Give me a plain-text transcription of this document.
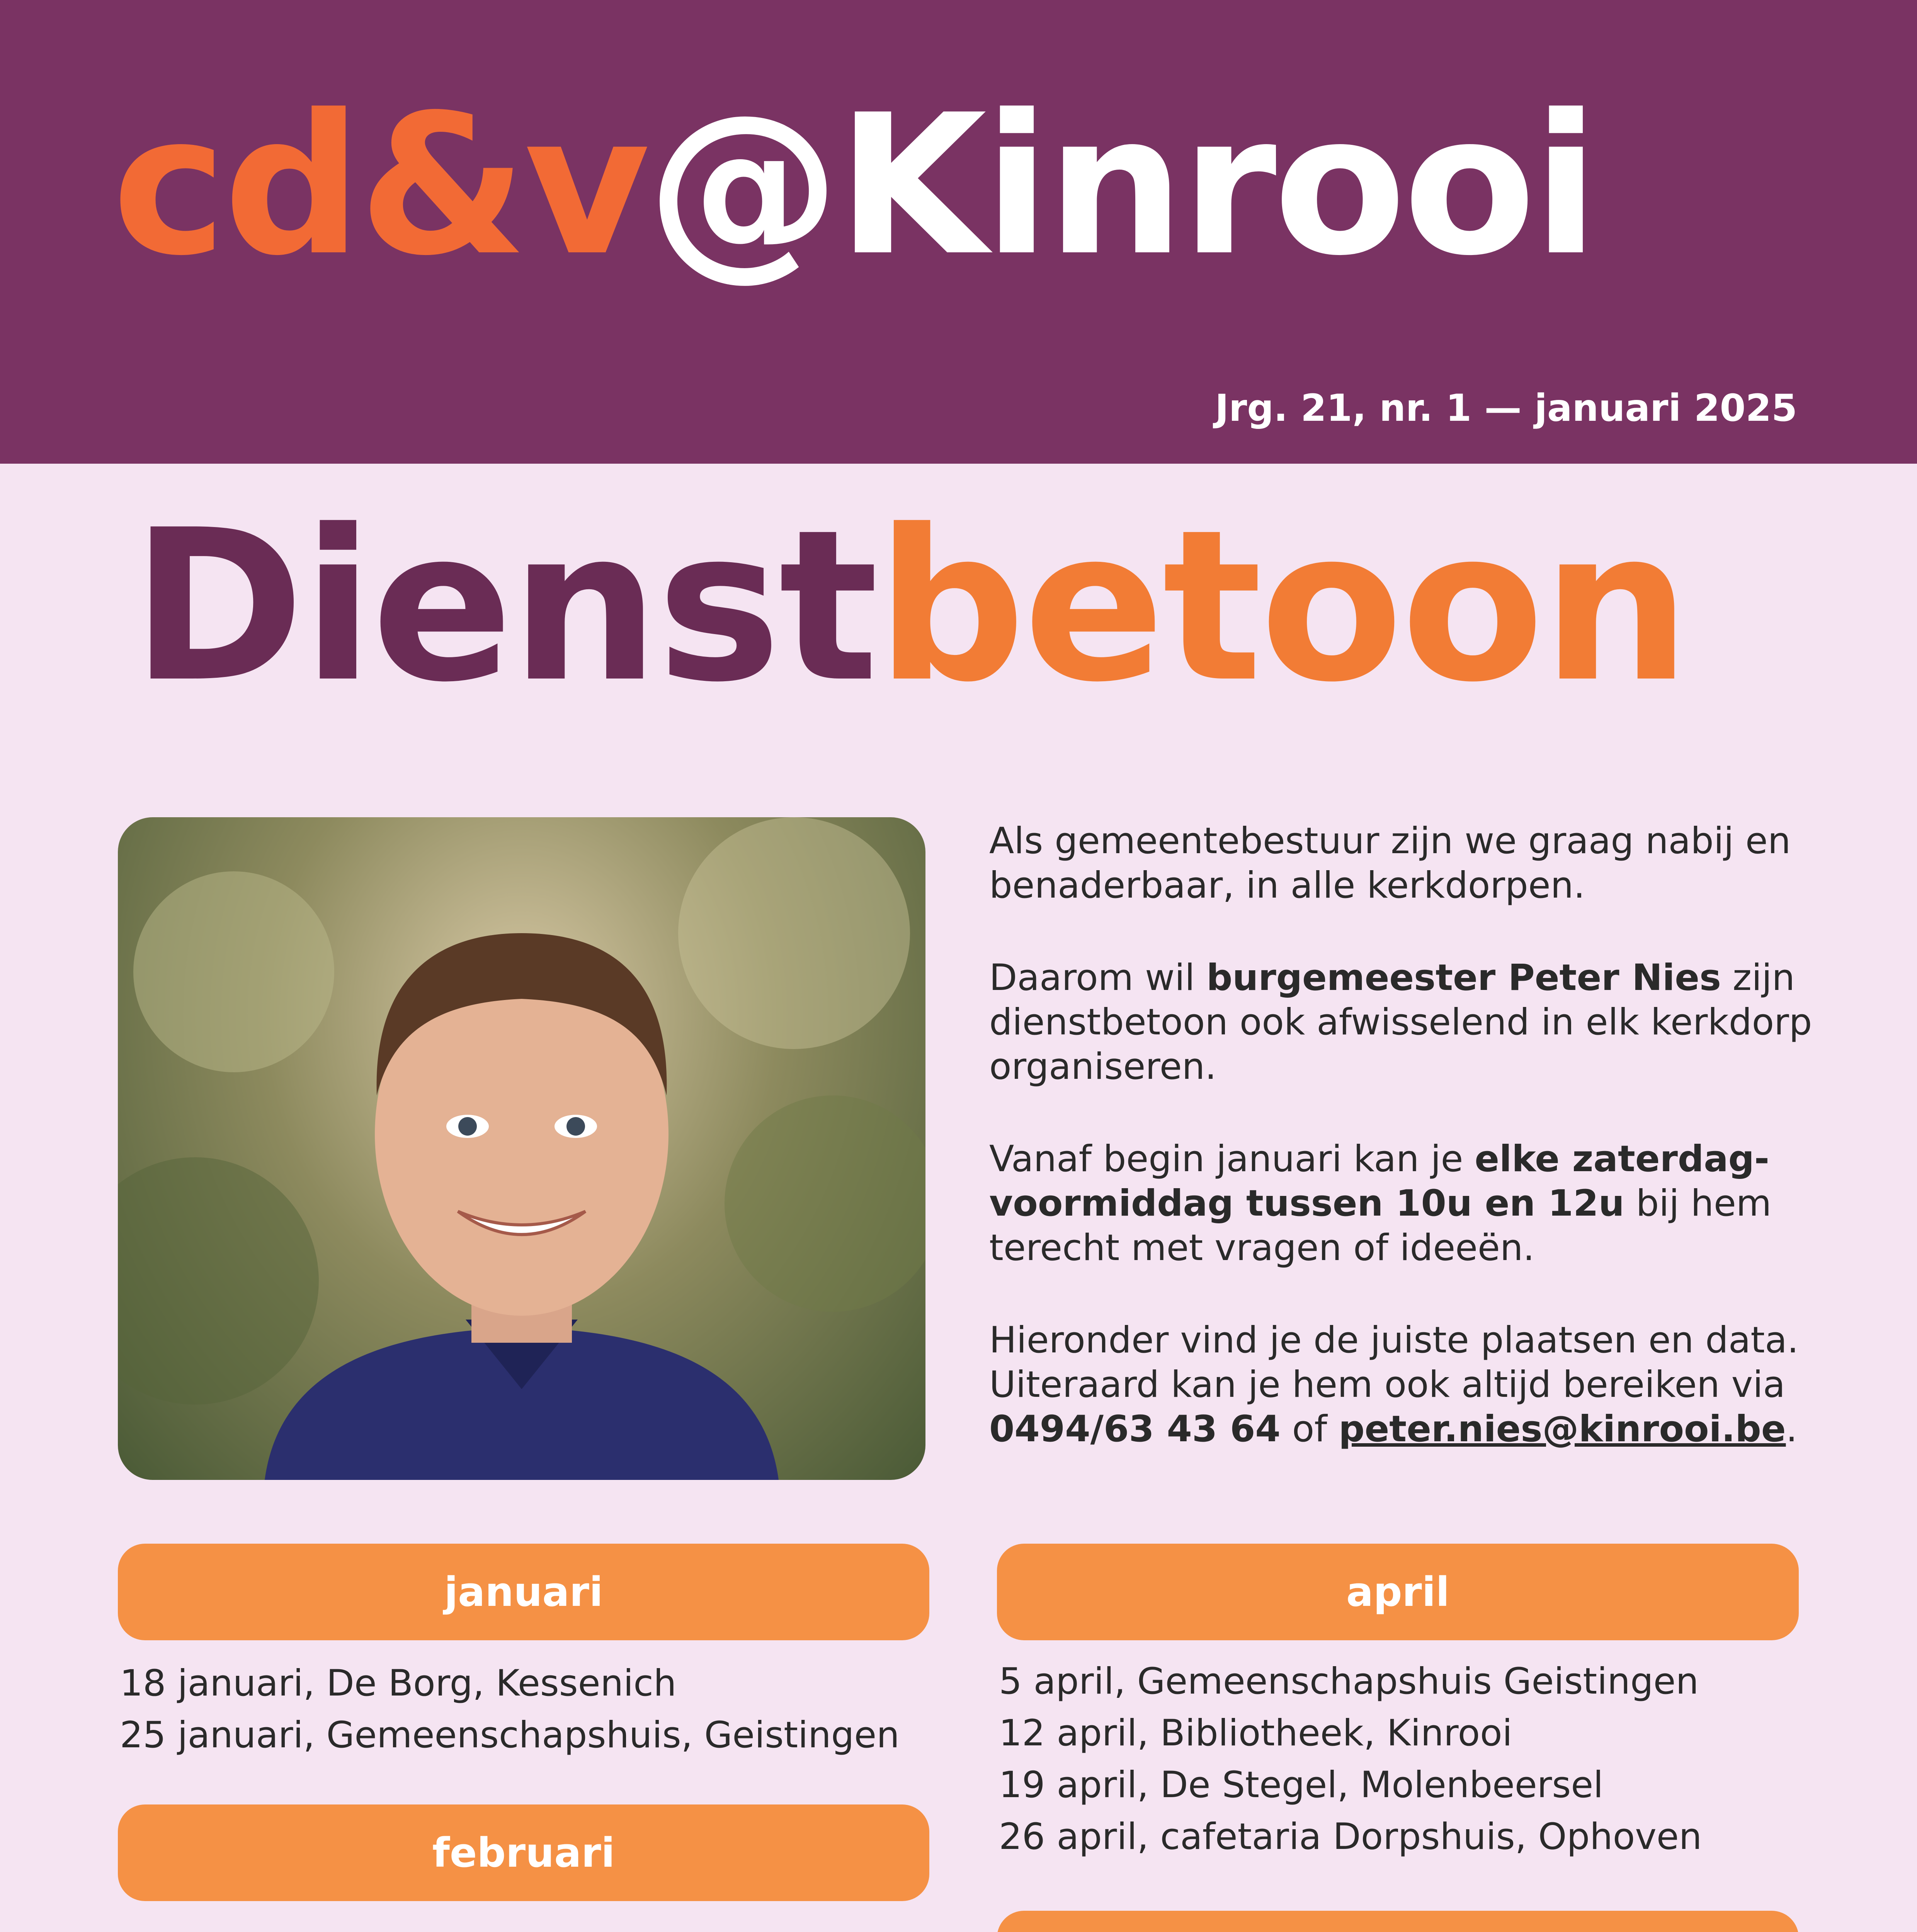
cd&v@Kinrooi
Jrg. 21, nr. 1 — januari 2025
Dienstbetoon

Als gemeentebestuur zijn we graag nabij en benaderbaar, in alle kerkdorpen.

Daarom wil burgemeester Peter Nies zijn dienstbetoon ook afwisselend in elk kerkdorp organiseren.

Vanaf begin januari kan je elke zaterdag-voormiddag tussen 10u en 12u bij hem terecht met vragen of ideeën.

Hieronder vind je de juiste plaatsen en data. Uiteraard kan je hem ook altijd bereiken via 0494/63 43 64 of peter.nies@kinrooi.be.

januari
18 januari, De Borg, Kessenich
25 januari, Gemeenschapshuis, Geistingen
februari
april
5 april, Gemeenschapshuis Geistingen
12 april, Bibliotheek, Kinrooi
19 april, De Stegel, Molenbeersel
26 april, cafetaria Dorpshuis, Ophoven
